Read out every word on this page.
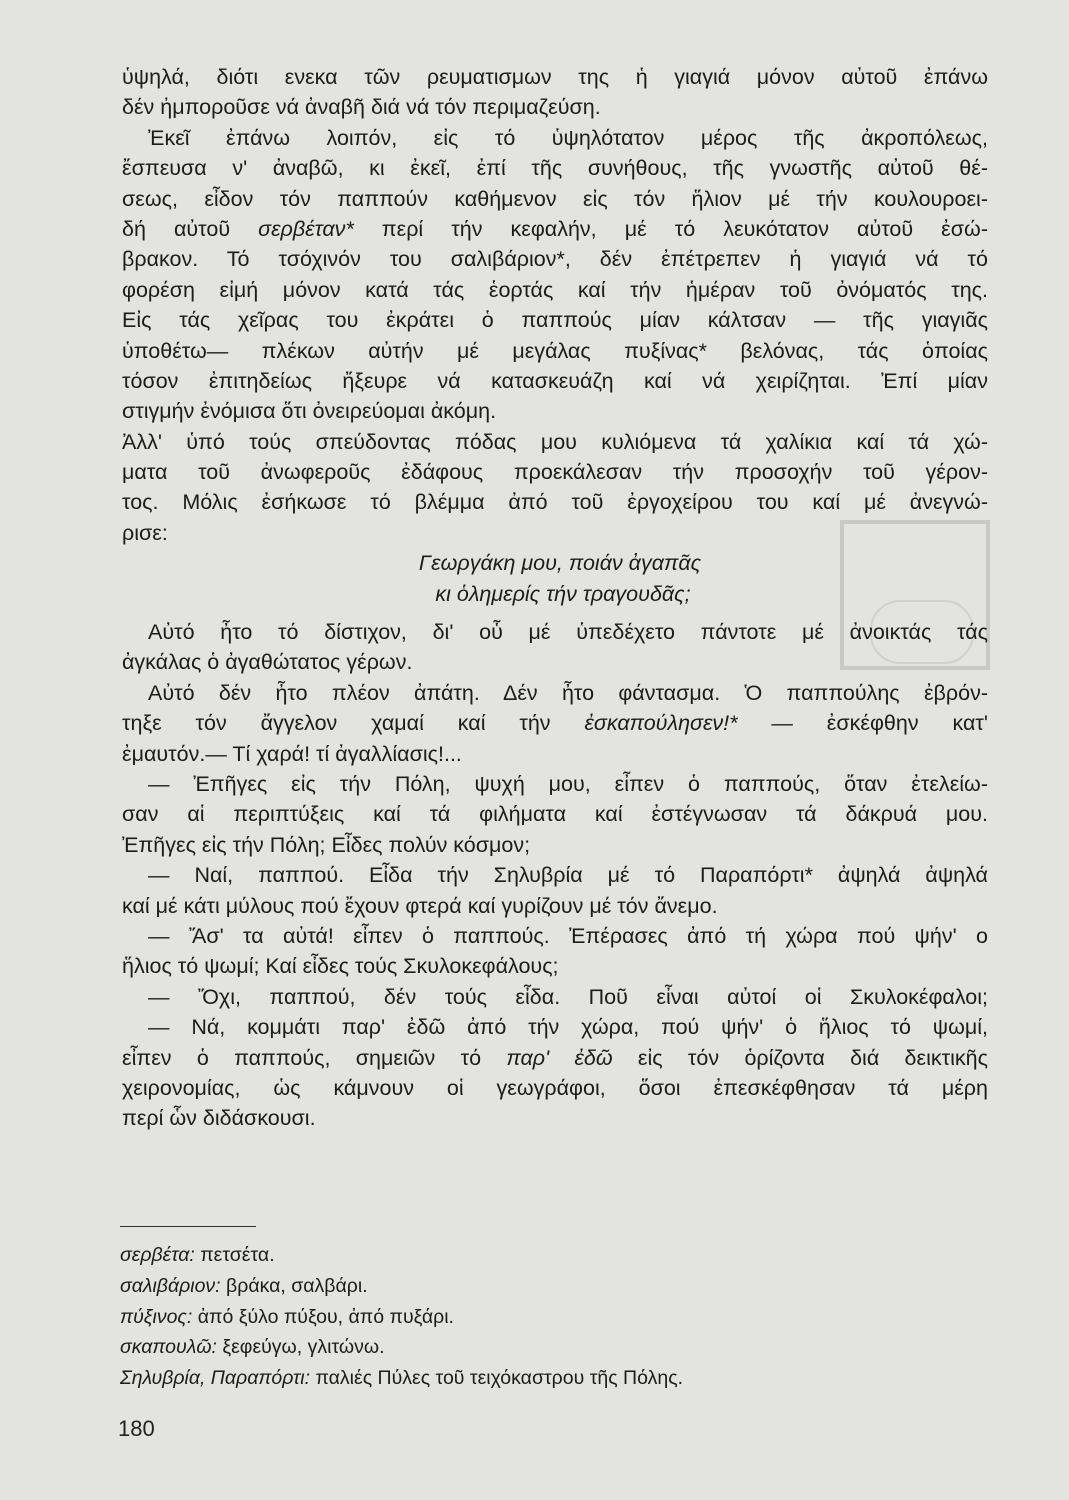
ὑψηλά, διότι ενεκα τῶν ρευματισμων της ἡ γιαγιά μόνον αὐτοῦ ἐπάνω
δέν ἠμποροῦσε νά ἀναβῆ διά νά τόν περιμαζεύση.
Ἐκεῖ ἐπάνω λοιπόν, εἰς τό ὑψηλότατον μέρος τῆς ἀκροπόλεως,
ἔσπευσα ν' ἀναβῶ, κι ἐκεῖ, ἐπί τῆς συνήθους, τῆς γνωστῆς αὐτοῦ θέ-
σεως, εἶδον τόν παππούν καθήμενον εἰς τόν ἥλιον μέ τήν κουλουροει-
δή αὐτοῦ σερβέταν* περί τήν κεφαλήν, μέ τό λευκότατον αὐτοῦ ἐσώ-
βρακον. Τό τσόχινόν του σαλιβάριον*, δέν ἐπέτρεπεν ἡ γιαγιά νά τό
φορέση εἰμή μόνον κατά τάς ἑορτάς καί τήν ἡμέραν τοῦ ὀνόματός της.
Εἰς τάς χεῖρας του ἐκράτει ὁ παππούς μίαν κάλτσαν — τῆς γιαγιᾶς
ὑποθέτω— πλέκων αὐτήν μέ μεγάλας πυξίνας* βελόνας, τάς ὁποίας
τόσον ἐπιτηδείως ἤξευρε νά κατασκευάζη καί νά χειρίζηται. Ἐπί μίαν
στιγμήν ἐνόμισα ὅτι ὀνειρεύομαι ἀκόμη.
Ἀλλ' ὑπό τούς σπεύδοντας πόδας μου κυλιόμενα τά χαλίκια καί τά χώ-
ματα τοῦ ἀνωφεροῦς ἐδάφους προεκάλεσαν τήν προσοχήν τοῦ γέρον-
τος. Μόλις ἐσήκωσε τό βλέμμα ἀπό τοῦ ἐργοχείρου του καί μέ ἀνεγνώ-
ρισε:
Γεωργάκη μου, ποιάν ἀγαπᾶς
κι ὁλημερίς τήν τραγουδᾶς;
Αὐτό ἦτο τό δίστιχον, δι' οὗ μέ ὑπεδέχετο πάντοτε μέ ἀνοικτάς τάς
ἀγκάλας ὁ ἀγαθώτατος γέρων.
Αὐτό δέν ἦτο πλέον ἀπάτη. Δέν ἦτο φάντασμα. Ὁ παππούλης ἐβρόν-
τηξε τόν ἄγγελον χαμαί καί τήν ἐσκαπούλησεν!* — ἐσκέφθην κατ'
ἐμαυτόν.— Τί χαρά! τί ἀγαλλίασις!...
— Ἐπῆγες εἰς τήν Πόλη, ψυχή μου, εἶπεν ὁ παππούς, ὅταν ἐτελείω-
σαν αἱ περιπτύξεις καί τά φιλήματα καί ἐστέγνωσαν τά δάκρυά μου.
Ἐπῆγες εἰς τήν Πόλη; Εἶδες πολύν κόσμον;
— Ναί, παππού. Εἶδα τήν Σηλυβρία μέ τό Παραπόρτι* ἀψηλά ἀψηλά
καί μέ κάτι μύλους πού ἔχουν φτερά καί γυρίζουν μέ τόν ἄνεμο.
— Ἄσ' τα αὐτά! εἶπεν ὁ παππούς. Ἐπέρασες ἀπό τή χώρα πού ψήν' ο
ἥλιος τό ψωμί; Καί εἶδες τούς Σκυλοκεφάλους;
— Ὄχι, παππού, δέν τούς εἶδα. Ποῦ εἶναι αὐτοί οἱ Σκυλοκέφαλοι;
— Νά, κομμάτι παρ' ἐδῶ ἀπό τήν χώρα, πού ψήν' ὁ ἥλιος τό ψωμί,
εἶπεν ὁ παππούς, σημειῶν τό παρ' ἐδῶ εἰς τόν ὁρίζοντα διά δεικτικῆς
χειρονομίας, ὡς κάμνουν οἱ γεωγράφοι, ὅσοι ἐπεσκέφθησαν τά μέρη
περί ὧν διδάσκουσι.
σερβέτα: πετσέτα.
σαλιβάριον: βράκα, σαλβάρι.
πύξινος: ἀπό ξύλο πύξου, ἀπό πυξάρι.
σκαπουλῶ: ξεφεύγω, γλιτώνω.
Σηλυβρία, Παραπόρτι: παλιές Πύλες τοῦ τειχόκαστρου τῆς Πόλης.
180
